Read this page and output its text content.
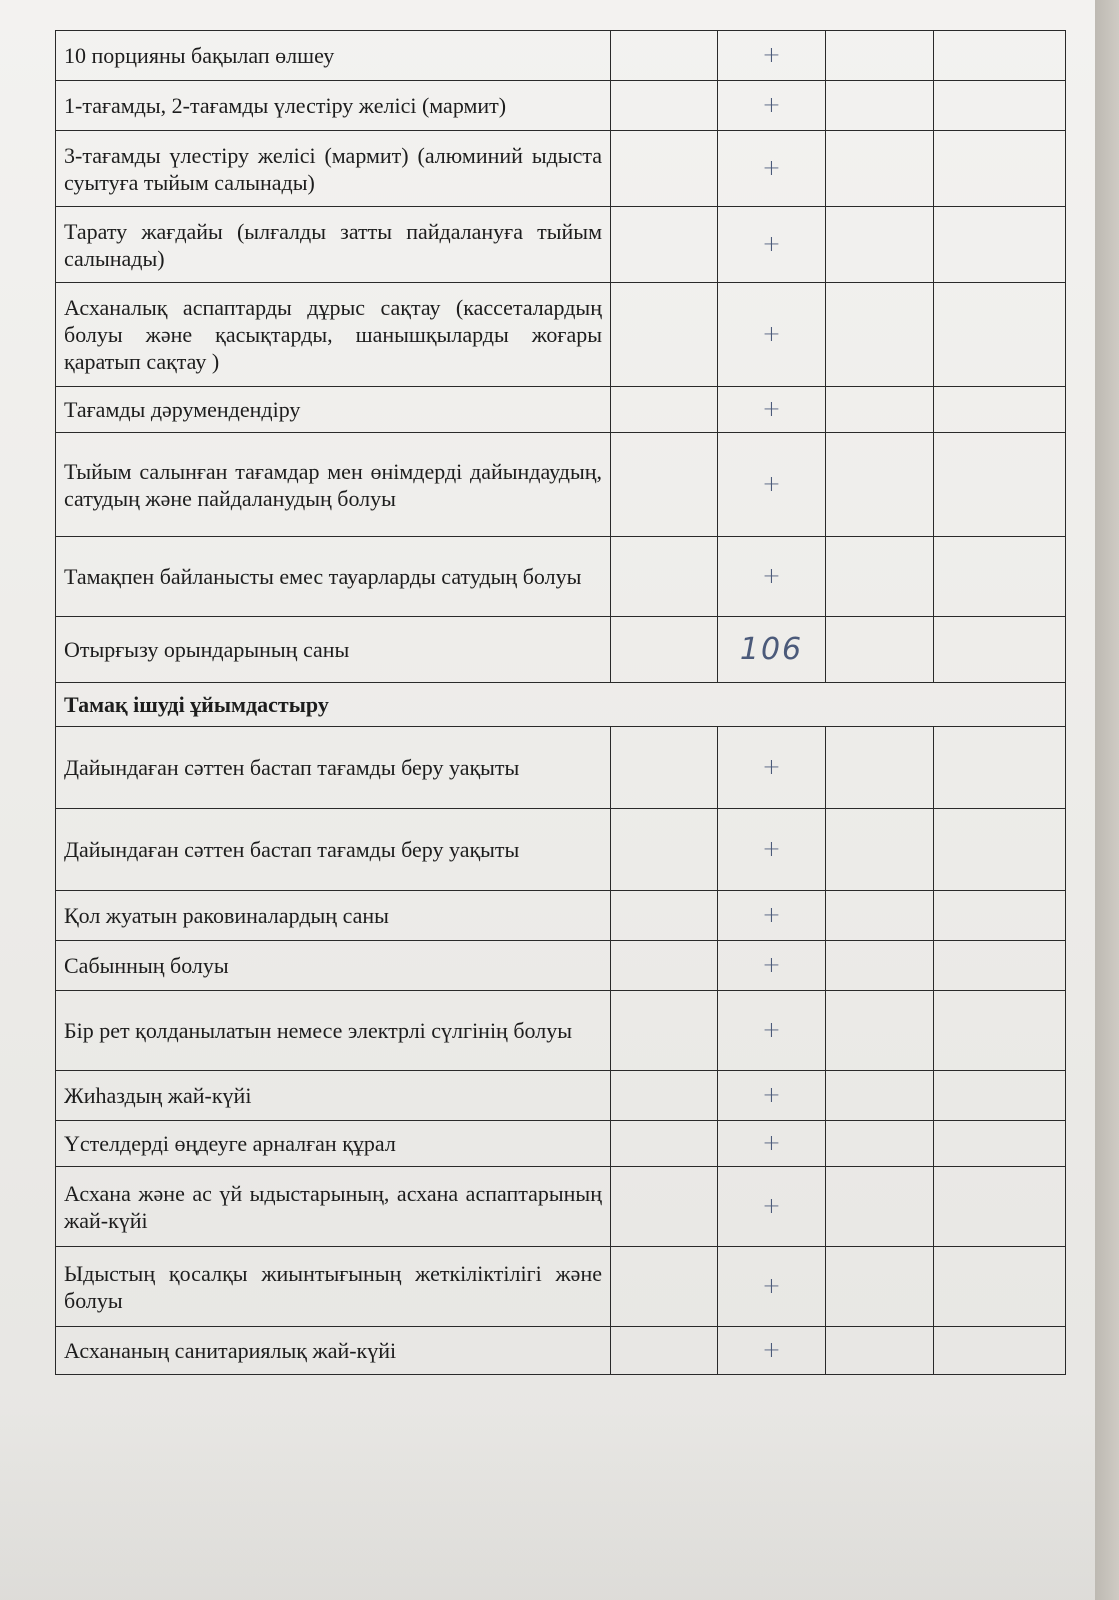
10 порцияны бақылап өлшеу		+		
1-тағамды, 2-тағамды үлестіру желісі (мармит)		+		
3-тағамды үлестіру желісі (мармит) (алюминий ыдыста суытуға тыйым салынады)		+		
Тарату жағдайы (ылғалды затты пайдалануға тыйым салынады)		+		
Асханалық аспаптарды дұрыс сақтау (кассеталардың болуы және қасықтарды, шанышқыларды жоғары қаратып сақтау )		+		
Тағамды дәрумендендіру		+		
Тыйым салынған тағамдар мен өнімдерді дайындаудың, сатудың және пайдаланудың болуы		+		
Тамақпен байланысты емес тауарларды сатудың болуы		+		
Отырғызу орындарының саны		106		
Тамақ ішуді ұйымдастыру				
Дайындаған сәттен бастап тағамды беру уақыты		+		
Дайындаған сәттен бастап тағамды беру уақыты		+		
Қол жуатын раковиналардың саны		+		
Сабынның болуы		+		
Бір рет қолданылатын немесе электрлі сүлгінің болуы		+		
Жиһаздың жай-күйі		+		
Үстелдерді өңдеуге арналған құрал		+		
Асхана және ас үй ыдыстарының, асхана аспаптарының жай-күйі		+		
Ыдыстың қосалқы жиынтығының жеткіліктілігі және болуы		+		
Асхананың санитариялық жай-күйі		+		
